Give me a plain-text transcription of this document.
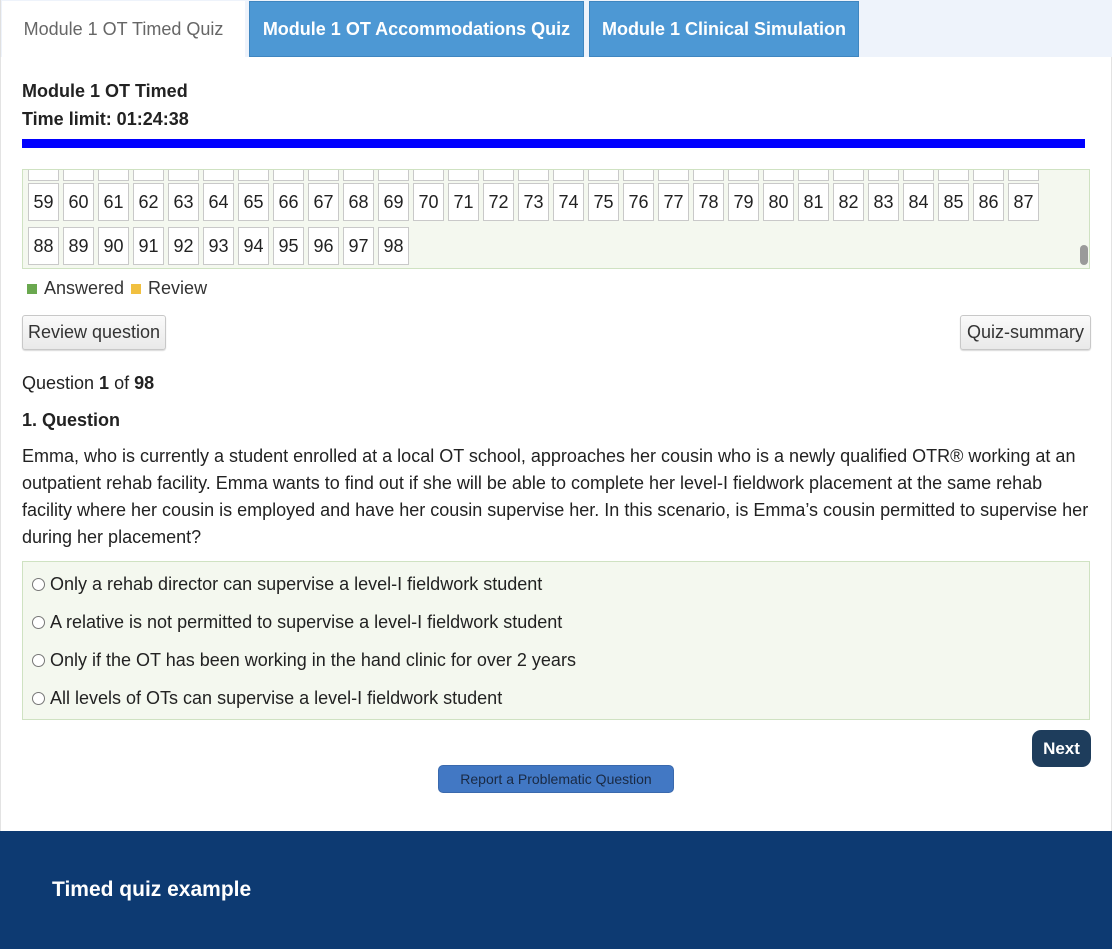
Module 1 OT Timed Quiz	Module 1 OT Accommodations Quiz	Module 1 Clinical Simulation
Module 1 OT Timed
Time limit: 01:24:38
59 60 61 62 63 64 65 66 67 68 69 70 71 72 73 74 75 76 77 78 79 80 81 82 83 84 85 86 87
88 89 90 91 92 93 94 95 96 97 98
Answered Review
Review question	Quiz-summary
Question 1 of 98
1. Question
Emma, who is currently a student enrolled at a local OT school, approaches her cousin who is a newly qualified OTR® working at an outpatient rehab facility. Emma wants to find out if she will be able to complete her level-I fieldwork placement at the same rehab facility where her cousin is employed and have her cousin supervise her. In this scenario, is Emma’s cousin permitted to supervise her during her placement?
Only a rehab director can supervise a level-I fieldwork student
A relative is not permitted to supervise a level-I fieldwork student
Only if the OT has been working in the hand clinic for over 2 years
All levels of OTs can supervise a level-I fieldwork student
Next
Report a Problematic Question
Timed quiz example
